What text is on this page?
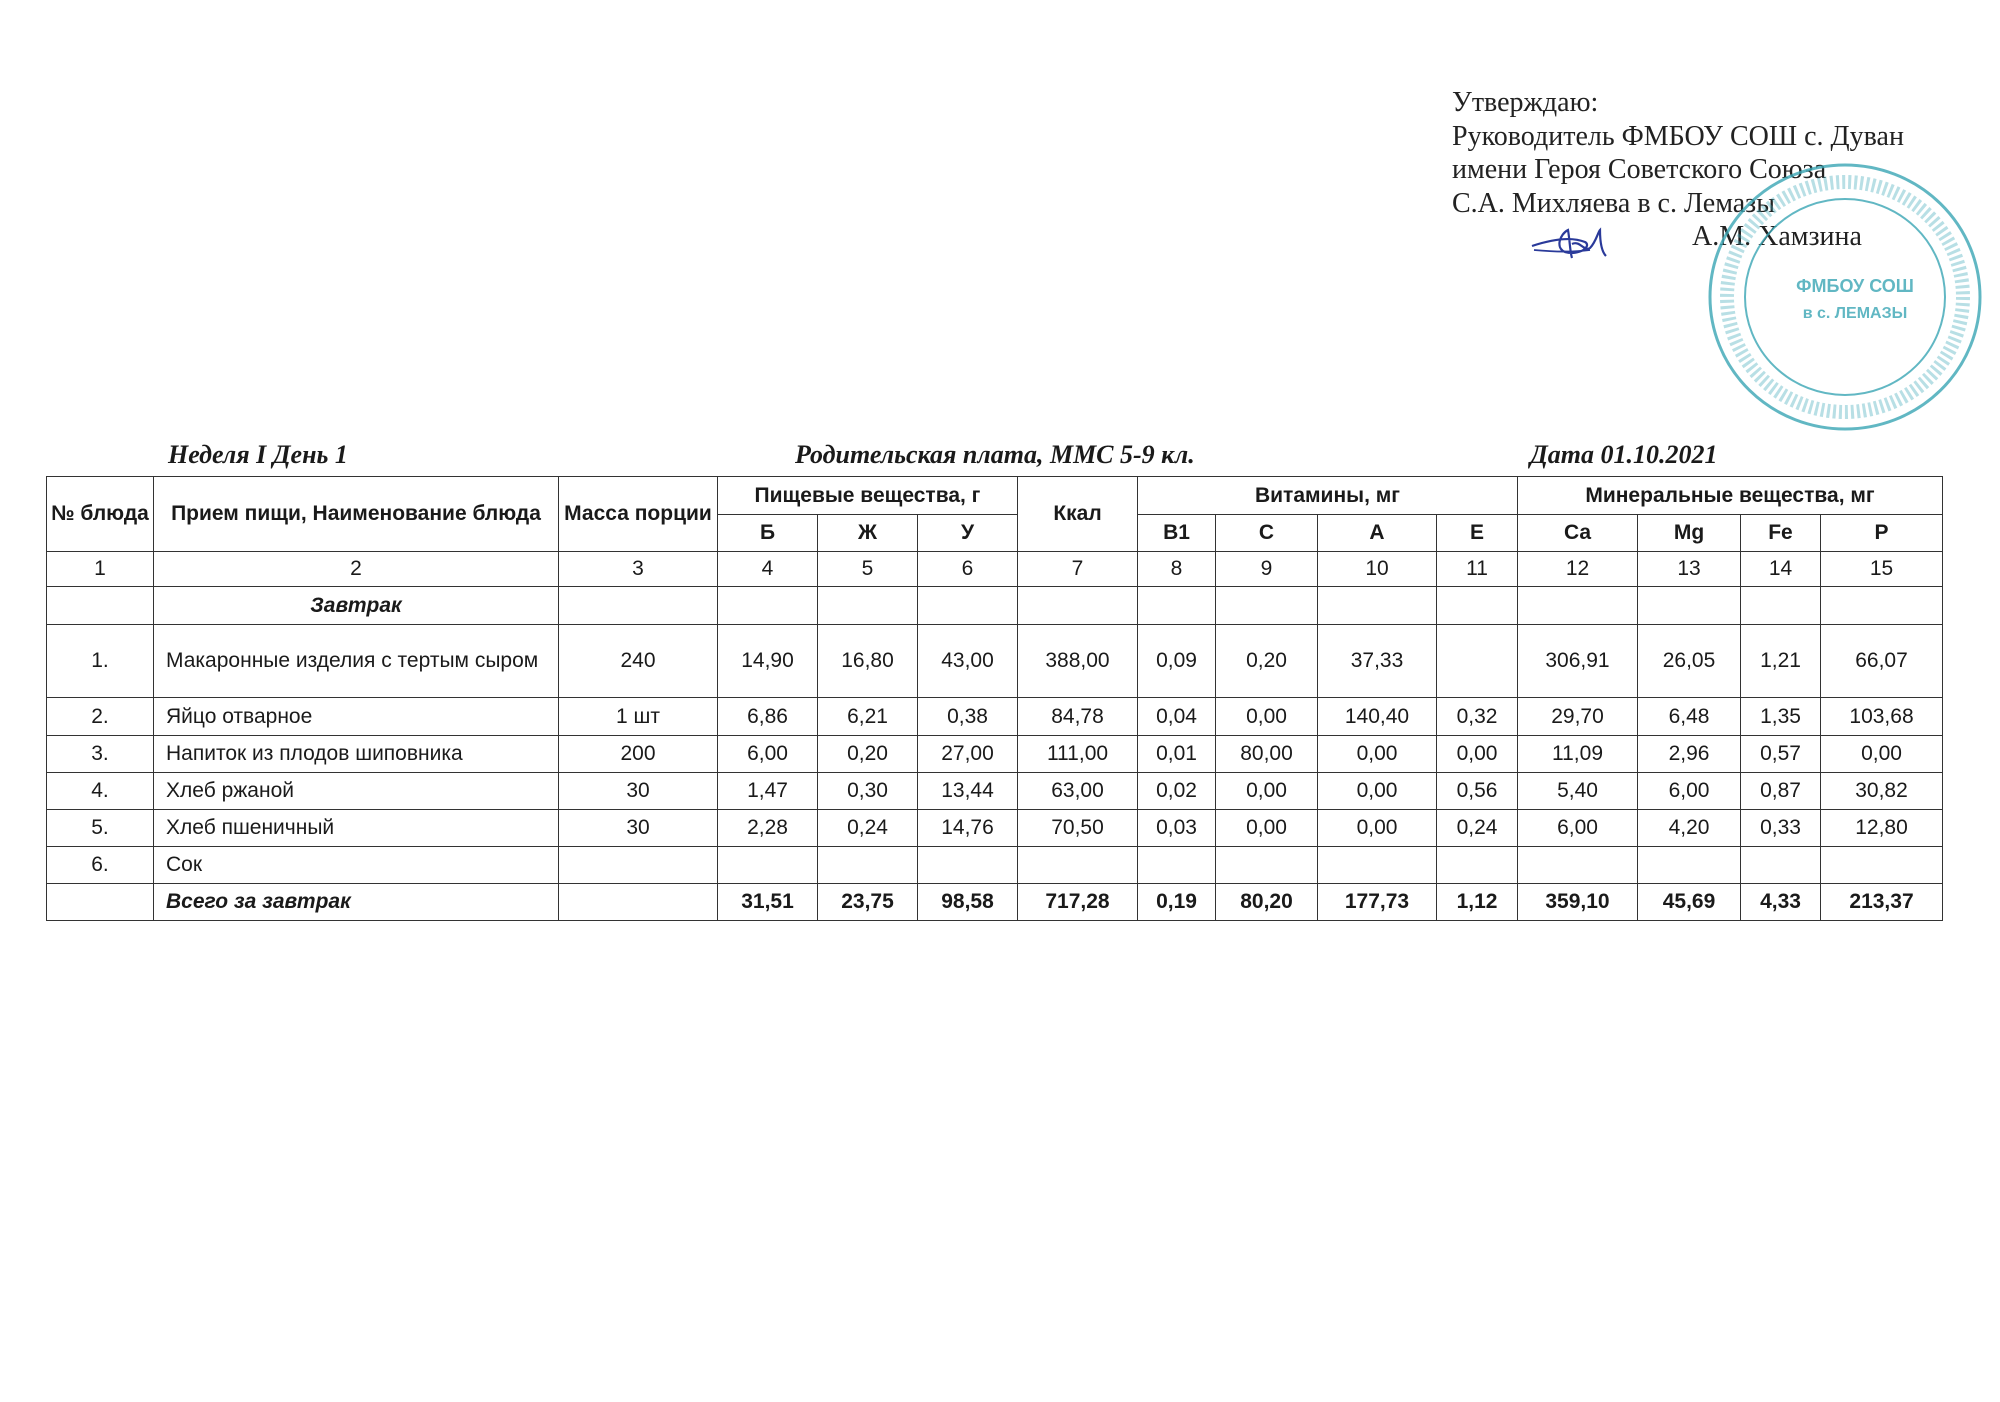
Утверждаю:
Руководитель ФМБОУ СОШ с. Дуван
имени Героя Советского Союза
С.А. Михляева в с. Лемазы
А.М. Хамзина
ФМБОУ СОШ
в с. ЛЕМАЗЫ
Неделя I День 1	Родительская плата, ММС 5-9 кл.	Дата 01.10.2021
№ блюда	Прием пищи, Наименование блюда	Масса порции	Пищевые вещества, г			Ккал	Витамины, мг				Минеральные вещества, мг			
			Б	Ж	У		В1	С	А	Е	Са	Mg	Fe	Р
1	2	3	4	5	6	7	8	9	10	11	12	13	14	15
	Завтрак													
1.	Макаронные изделия с тертым сыром	240	14,90	16,80	43,00	388,00	0,09	0,20	37,33		306,91	26,05	1,21	66,07
2.	Яйцо отварное	1 шт	6,86	6,21	0,38	84,78	0,04	0,00	140,40	0,32	29,70	6,48	1,35	103,68
3.	Напиток из плодов шиповника	200	6,00	0,20	27,00	111,00	0,01	80,00	0,00	0,00	11,09	2,96	0,57	0,00
4.	Хлеб ржаной	30	1,47	0,30	13,44	63,00	0,02	0,00	0,00	0,56	5,40	6,00	0,87	30,82
5.	Хлеб пшеничный	30	2,28	0,24	14,76	70,50	0,03	0,00	0,00	0,24	6,00	4,20	0,33	12,80
6.	Сок													
	Всего за завтрак		31,51	23,75	98,58	717,28	0,19	80,20	177,73	1,12	359,10	45,69	4,33	213,37
